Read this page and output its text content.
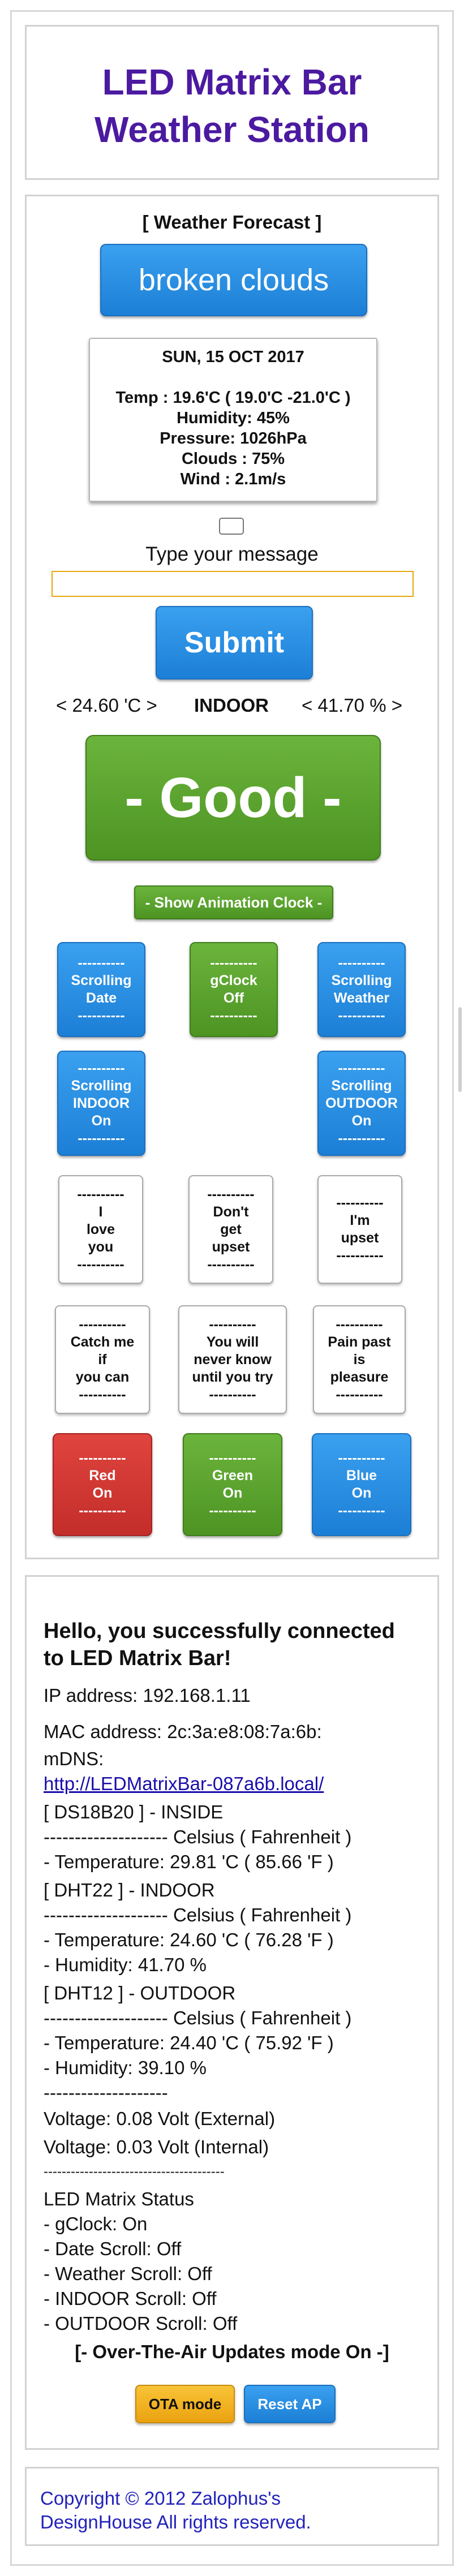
LED Matrix Bar
Weather Station
[ Weather Forecast ]
broken clouds
SUN, 15 OCT 2017
Temp : 19.6'C ( 19.0'C -21.0'C )
Humidity: 45%
Pressure: 1026hPa
Clouds : 75%
Wind : 2.1m/s
Type your message
Submit
< 24.60 'C > INDOOR < 41.70 % >
- Good -
- Show Animation Clock -
----------
Scrolling
Date
----------
----------
gClock
Off
----------
----------
Scrolling
Weather
----------
----------
Scrolling
INDOOR
On
----------
----------
Scrolling
OUTDOOR
On
----------
----------
I
love
you
----------
----------
Don't
get
upset
----------
----------
I'm
upset
----------
----------
Catch me
if
you can
----------
----------
You will
never know
until you try
----------
----------
Pain past
is
pleasure
----------
----------
Red
On
----------
----------
Green
On
----------
----------
Blue
On
----------
Hello, you successfully connected
to LED Matrix Bar!
IP address: 192.168.1.11
MAC address: 2c:3a:e8:08:7a:6b:
mDNS:
http://LEDMatrixBar-087a6b.local/
[ DS18B20 ] - INSIDE
-------------------- Celsius ( Fahrenheit )
- Temperature: 29.81 'C ( 85.66 'F )
[ DHT22 ] - INDOOR
-------------------- Celsius ( Fahrenheit )
- Temperature: 24.60 'C ( 76.28 'F )
- Humidity: 41.70 %
[ DHT12 ] - OUTDOOR
-------------------- Celsius ( Fahrenheit )
- Temperature: 24.40 'C ( 75.92 'F )
- Humidity: 39.10 %
--------------------
Voltage: 0.08 Volt (External)
Voltage: 0.03 Volt (Internal)
----------------------------------------
LED Matrix Status
- gClock: On
- Date Scroll: Off
- Weather Scroll: Off
- INDOOR Scroll: Off
- OUTDOOR Scroll: Off
[- Over-The-Air Updates mode On -]
OTA mode Reset AP
Copyright © 2012 Zalophus's
DesignHouse All rights reserved.
